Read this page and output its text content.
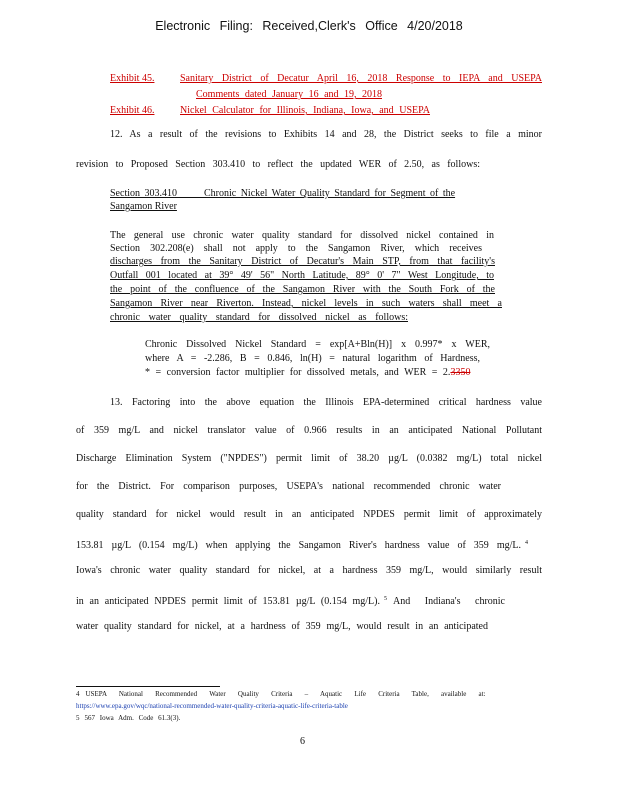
Electronic Filing: Received,Clerk's Office 4/20/2018
Exhibit 45.	Sanitary District of Decatur April 16, 2018 Response to IEPA and USEPA
Comments dated January 16 and 19, 2018
Exhibit 46.	Nickel Calculator for Illinois, Indiana, Iowa, and USEPA
12. As a result of the revisions to Exhibits 14 and 28, the District seeks to file a minor
revision to Proposed Section 303.410 to reflect the updated WER of 2.50, as follows:
Section 303.410      Chronic Nickel Water Quality Standard for Segment of the
Sangamon River
The general use chronic water quality standard for dissolved nickel contained in
Section 302.208(e) shall not apply to the Sangamon River, which receives
discharges from the Sanitary District of Decatur's Main STP, from that facility's
Outfall 001 located at 39° 49' 56" North Latitude, 89° 0' 7" West Longitude, to
the point of the confluence of the Sangamon River with the South Fork of the
Sangamon River near Riverton. Instead, nickel levels in such waters shall meet a
chronic water quality standard for dissolved nickel as follows:
Chronic Dissolved Nickel Standard = exp[A+Bln(H)] x 0.997* x WER,
where A = -2.286, B = 0.846, ln(H) = natural logarithm of Hardness,
* = conversion factor multiplier for dissolved metals, and WER = 2.3350
13. Factoring into the above equation the Illinois EPA-determined critical hardness value
of 359 mg/L and nickel translator value of 0.966 results in an anticipated National Pollutant
Discharge Elimination System ("NPDES") permit limit of 38.20 µg/L (0.0382 mg/L) total nickel
for the District. For comparison purposes, USEPA's national recommended chronic water
quality standard for nickel would result in an anticipated NPDES permit limit of approximately
153.81 µg/L (0.154 mg/L) when applying the Sangamon River's hardness value of 359 mg/L. $^4$
Iowa's chronic water quality standard for nickel, at a hardness 359 mg/L, would similarly result
in an anticipated NPDES permit limit of 153.81 µg/L (0.154 mg/L). $^5$ And Indiana's chronic
water quality standard for nickel, at a hardness of 359 mg/L, would result in an anticipated
4 USEPA National Recommended Water Quality Criteria – Aquatic Life Criteria Table, available at:
https://www.epa.gov/wqc/national-recommended-water-quality-criteria-aquatic-life-criteria-table
5 567 Iowa Adm. Code 61.3(3).
6
